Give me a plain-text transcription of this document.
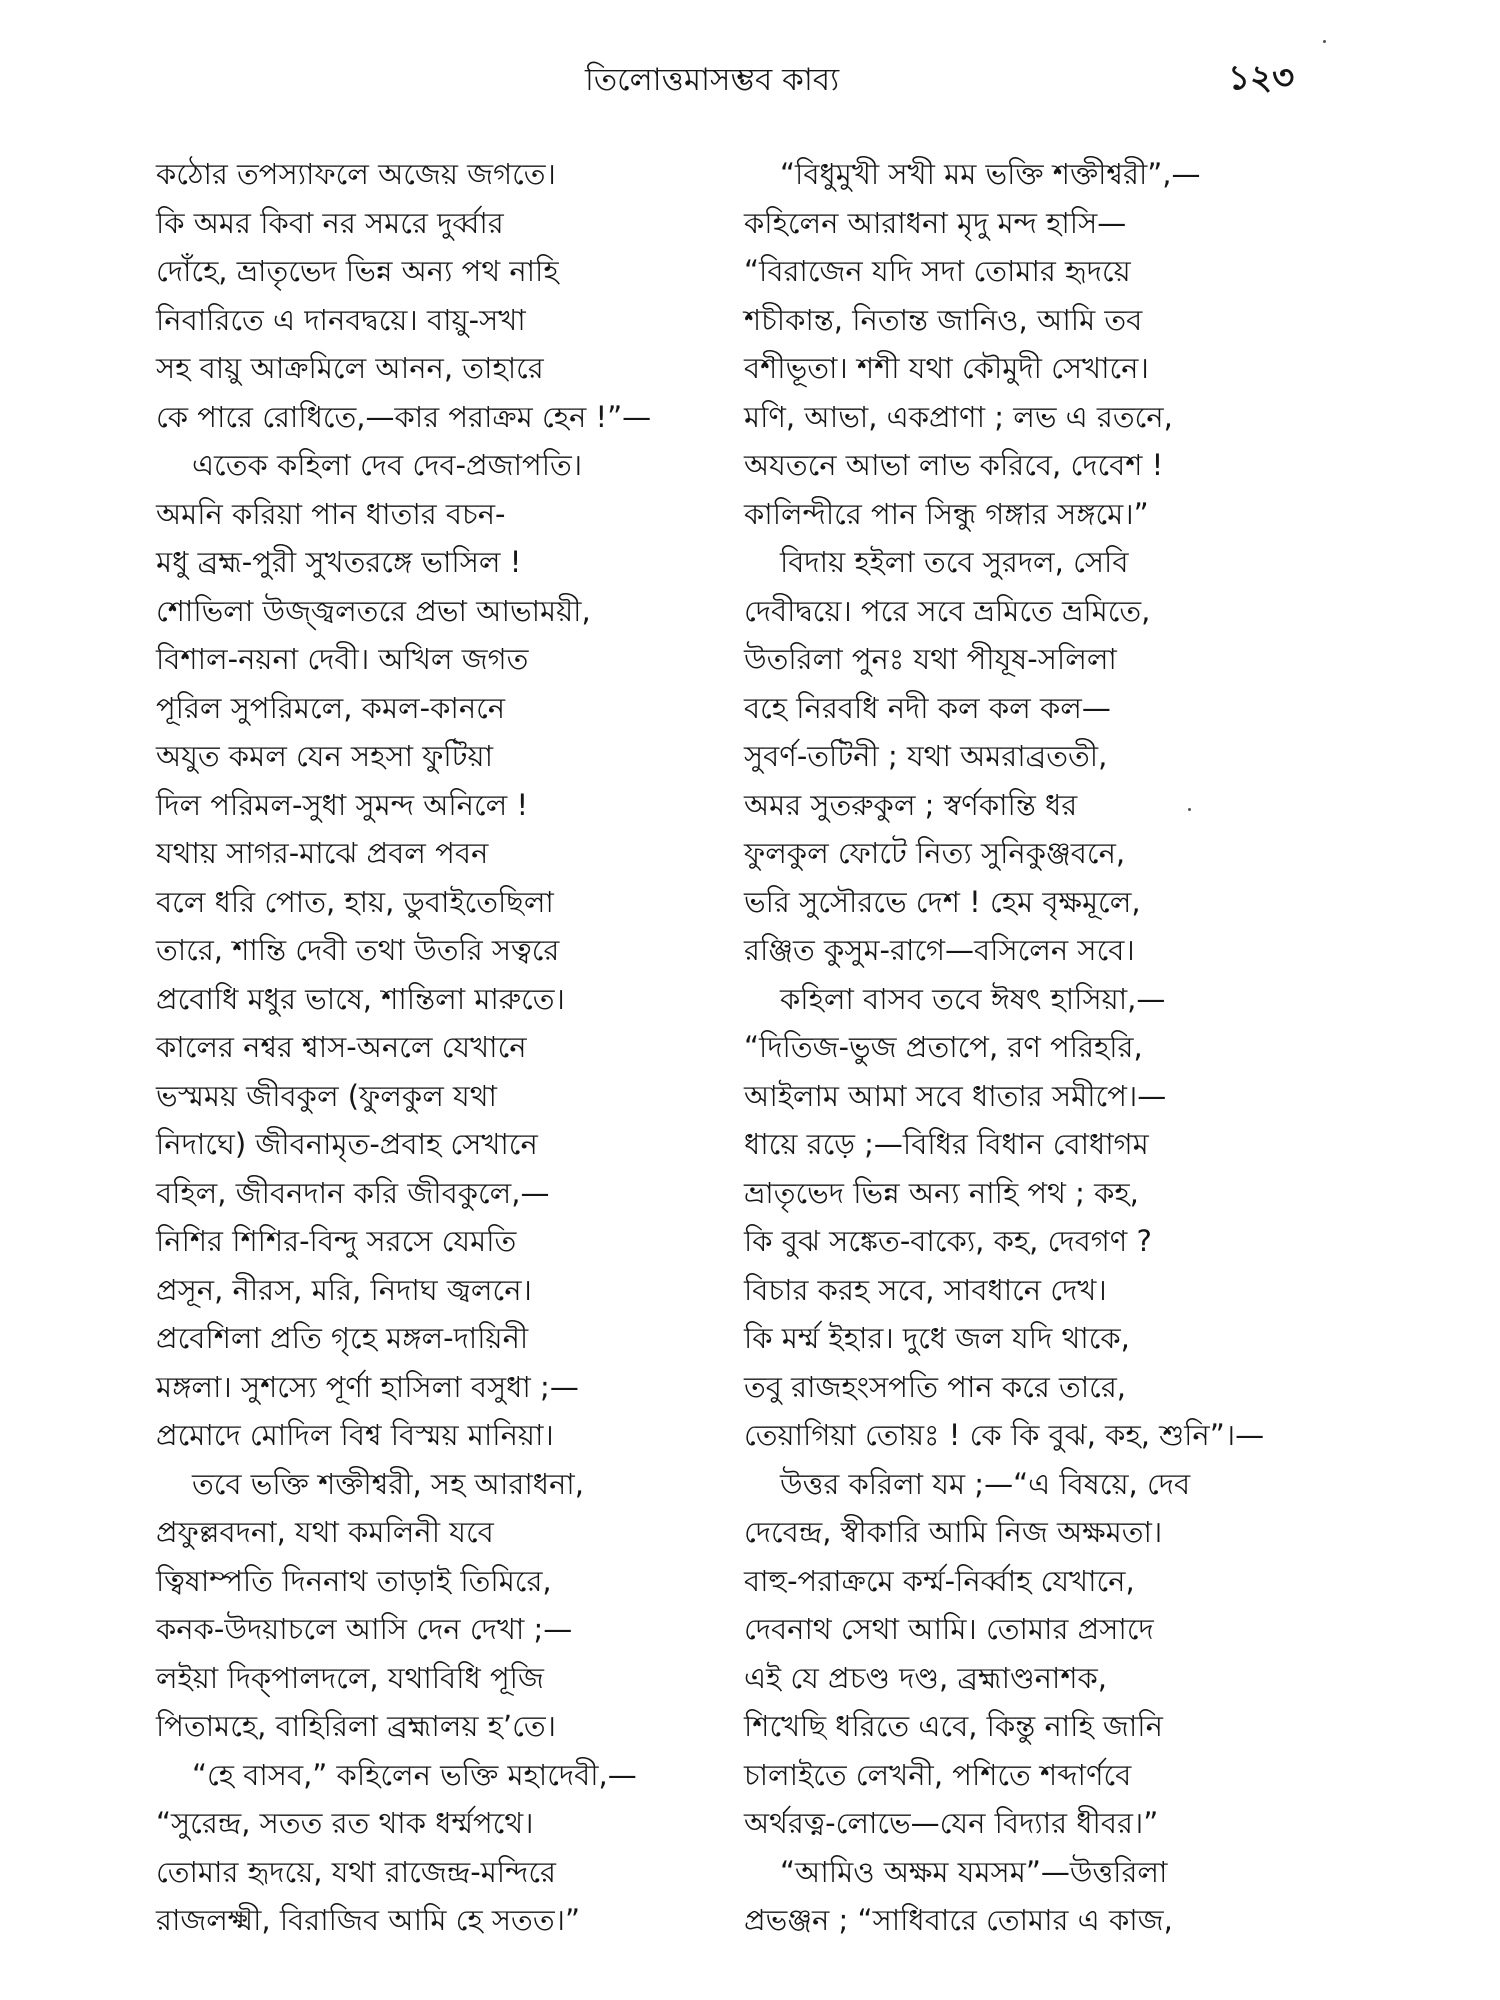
তিলোত্তমাসম্ভব কাব্য	১২৩
কঠোর তপস্যাফলে অজেয় জগতে।
কি অমর কিবা নর সমরে দুর্ব্বার
দোঁহে, ভ্রাতৃভেদ ভিন্ন অন্য পথ নাহি
নিবারিতে এ দানবদ্বয়ে। বায়ু-সখা
সহ বায়ু আক্রমিলে আনন, তাহারে
কে পারে রোধিতে,—কার পরাক্রম হেন !”—
এতেক কহিলা দেব দেব-প্রজাপতি।
অমনি করিয়া পান ধাতার বচন-
মধু ব্রহ্ম-পুরী সুখতরঙ্গে ভাসিল !
শোভিলা উজ্জ্বলতরে প্রভা আভাময়ী,
বিশাল-নয়না দেবী। অখিল জগত
পূরিল সুপরিমলে, কমল-কাননে
অযুত কমল যেন সহসা ফুটিয়া
দিল পরিমল-সুধা সুমন্দ অনিলে !
যথায় সাগর-মাঝে প্রবল পবন
বলে ধরি পোত, হায়, ডুবাইতেছিলা
তারে, শান্তি দেবী তথা উতরি সত্বরে
প্রবোধি মধুর ভাষে, শান্তিলা মারুতে।
কালের নশ্বর শ্বাস-অনলে যেখানে
ভস্মময় জীবকুল (ফুলকুল যথা
নিদাঘে) জীবনামৃত-প্রবাহ সেখানে
বহিল, জীবনদান করি জীবকুলে,—
নিশির শিশির-বিন্দু সরসে যেমতি
প্রসূন, নীরস, মরি, নিদাঘ জ্বলনে।
প্রবেশিলা প্রতি গৃহে মঙ্গল-দায়িনী
মঙ্গলা। সুশস্যে পূর্ণা হাসিলা বসুধা ;—
প্রমোদে মোদিল বিশ্ব বিস্ময় মানিয়া।
তবে ভক্তি শক্তীশ্বরী, সহ আরাধনা,
প্রফুল্লবদনা, যথা কমলিনী যবে
ত্বিষাম্পতি দিননাথ তাড়াই তিমিরে,
কনক-উদয়াচলে আসি দেন দেখা ;—
লইয়া দিক্‌পালদলে, যথাবিধি পূজি
পিতামহে, বাহিরিলা ব্রহ্মালয় হ’তে।
“হে বাসব,” কহিলেন ভক্তি মহাদেবী,—
“সুরেন্দ্র, সতত রত থাক ধর্ম্মপথে।
তোমার হৃদয়ে, যথা রাজেন্দ্র-মন্দিরে
রাজলক্ষ্মী, বিরাজিব আমি হে সতত।”
“বিধুমুখী সখী মম ভক্তি শক্তীশ্বরী”,—
কহিলেন আরাধনা মৃদু মন্দ হাসি—
“বিরাজেন যদি সদা তোমার হৃদয়ে
শচীকান্ত, নিতান্ত জানিও, আমি তব
বশীভূতা। শশী যথা কৌমুদী সেখানে।
মণি, আভা, একপ্রাণা ; লভ এ রতনে,
অযতনে আভা লাভ করিবে, দেবেশ !
কালিন্দীরে পান সিন্ধু গঙ্গার সঙ্গমে।”
বিদায় হইলা তবে সুরদল, সেবি
দেবীদ্বয়ে। পরে সবে ভ্রমিতে ভ্রমিতে,
উতরিলা পুনঃ যথা পীযূষ-সলিলা
বহে নিরবধি নদী কল কল কল—
সুবর্ণ-তটিনী ; যথা অমরাব্রততী,
অমর সুতরুকুল ; স্বর্ণকান্তি ধর
ফুলকুল ফোটে নিত্য সুনিকুঞ্জবনে,
ভরি সুসৌরভে দেশ ! হেম বৃক্ষমূলে,
রঞ্জিত কুসুম-রাগে—বসিলেন সবে।
কহিলা বাসব তবে ঈষৎ হাসিয়া,—
“দিতিজ-ভুজ প্রতাপে, রণ পরিহরি,
আইলাম আমা সবে ধাতার সমীপে।—
ধায়ে রড়ে ;—বিধির বিধান বোধাগম
ভ্রাতৃভেদ ভিন্ন অন্য নাহি পথ ; কহ,
কি বুঝ সঙ্কেত-বাক্যে, কহ, দেবগণ ?
বিচার করহ সবে, সাবধানে দেখ।
কি মর্ম্ম ইহার। দুধে জল যদি থাকে,
তবু রাজহংসপতি পান করে তারে,
তেয়াগিয়া তোয়ঃ ! কে কি বুঝ, কহ, শুনি”।—
উত্তর করিলা যম ;—“এ বিষয়ে, দেব
দেবেন্দ্র, স্বীকারি আমি নিজ অক্ষমতা।
বাহু-পরাক্রমে কর্ম্ম-নির্ব্বাহ যেখানে,
দেবনাথ সেথা আমি। তোমার প্রসাদে
এই যে প্রচণ্ড দণ্ড, ব্রহ্মাণ্ডনাশক,
শিখেছি ধরিতে এবে, কিন্তু নাহি জানি
চালাইতে লেখনী, পশিতে শব্দার্ণবে
অর্থরত্ন-লোভে—যেন বিদ্যার ধীবর।”
“আমিও অক্ষম যমসম”—উত্তরিলা
প্রভঞ্জন ; “সাধিবারে তোমার এ কাজ,
